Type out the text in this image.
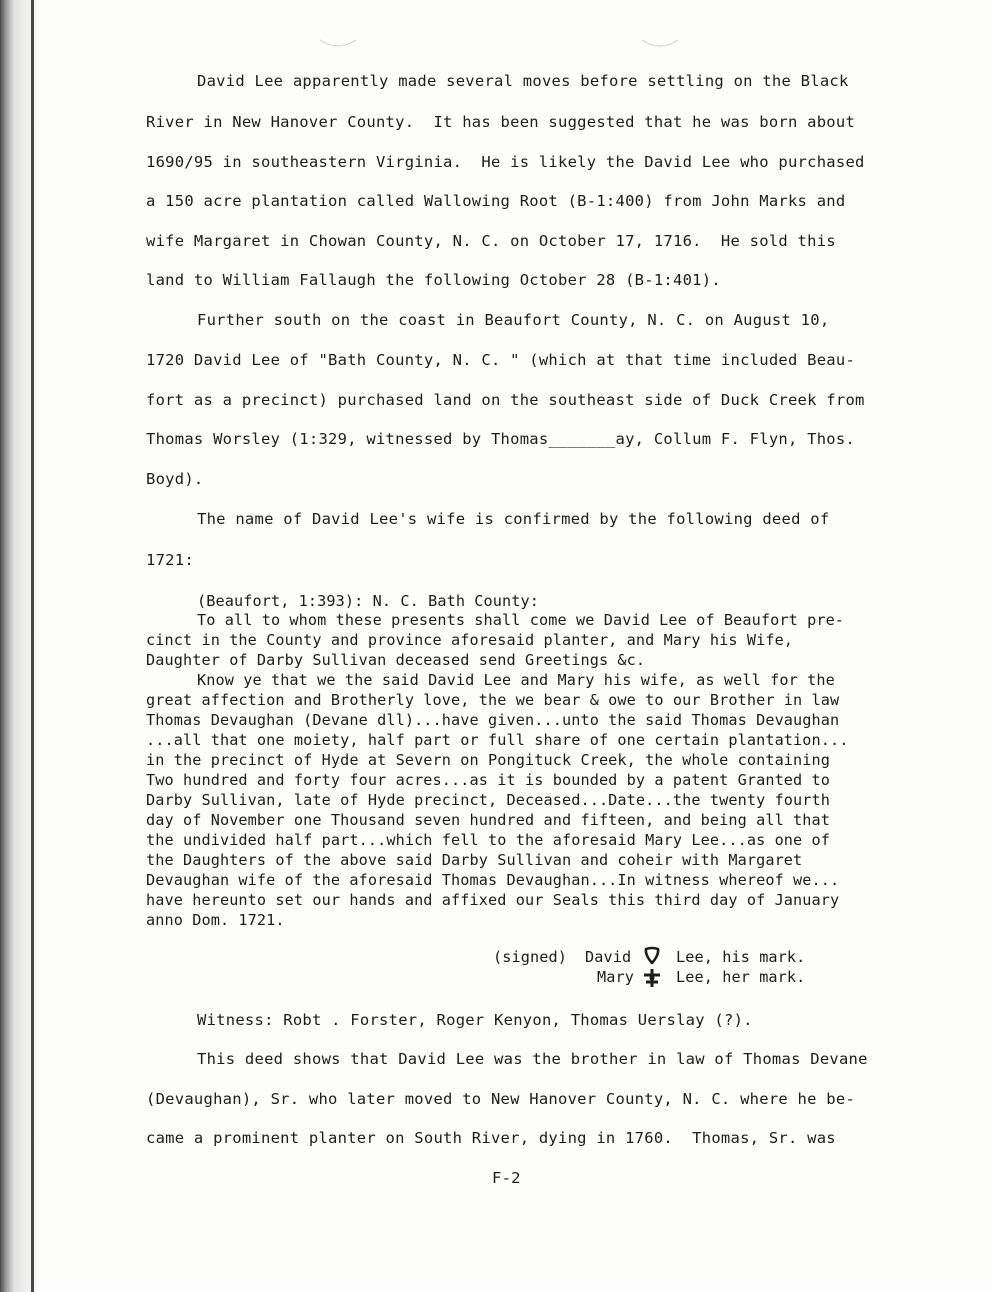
David Lee apparently made several moves before settling on the Black
River in New Hanover County.  It has been suggested that he was born about
1690/95 in southeastern Virginia.  He is likely the David Lee who purchased
a 150 acre plantation called Wallowing Root (B-1:400) from John Marks and
wife Margaret in Chowan County, N. C. on October 17, 1716.  He sold this
land to William Fallaugh the following October 28 (B-1:401).
Further south on the coast in Beaufort County, N. C. on August 10,
1720 David Lee of "Bath County, N. C. " (which at that time included Beau-
fort as a precinct) purchased land on the southeast side of Duck Creek from
Thomas Worsley (1:329, witnessed by Thomas_______ay, Collum F. Flyn, Thos.
Boyd).
The name of David Lee's wife is confirmed by the following deed of
1721:
(Beaufort, 1:393): N. C. Bath County:
To all to whom these presents shall come we David Lee of Beaufort pre-
cinct in the County and province aforesaid planter, and Mary his Wife,
Daughter of Darby Sullivan deceased send Greetings &c.
Know ye that we the said David Lee and Mary his wife, as well for the
great affection and Brotherly love, the we bear & owe to our Brother in law
Thomas Devaughan (Devane dll)...have given...unto the said Thomas Devaughan
...all that one moiety, half part or full share of one certain plantation...
in the precinct of Hyde at Severn on Pongituck Creek, the whole containing
Two hundred and forty four acres...as it is bounded by a patent Granted to
Darby Sullivan, late of Hyde precinct, Deceased...Date...the twenty fourth
day of November one Thousand seven hundred and fifteen, and being all that
the undivided half part...which fell to the aforesaid Mary Lee...as one of
the Daughters of the above said Darby Sullivan and coheir with Margaret
Devaughan wife of the aforesaid Thomas Devaughan...In witness whereof we...
have hereunto set our hands and affixed our Seals this third day of January
anno Dom. 1721.
(signed) David	Lee, his mark.
Mary	Lee, her mark.
Witness: Robt . Forster, Roger Kenyon, Thomas Uerslay (?).
This deed shows that David Lee was the brother in law of Thomas Devane
(Devaughan), Sr. who later moved to New Hanover County, N. C. where he be-
came a prominent planter on South River, dying in 1760.  Thomas, Sr. was
F-2
